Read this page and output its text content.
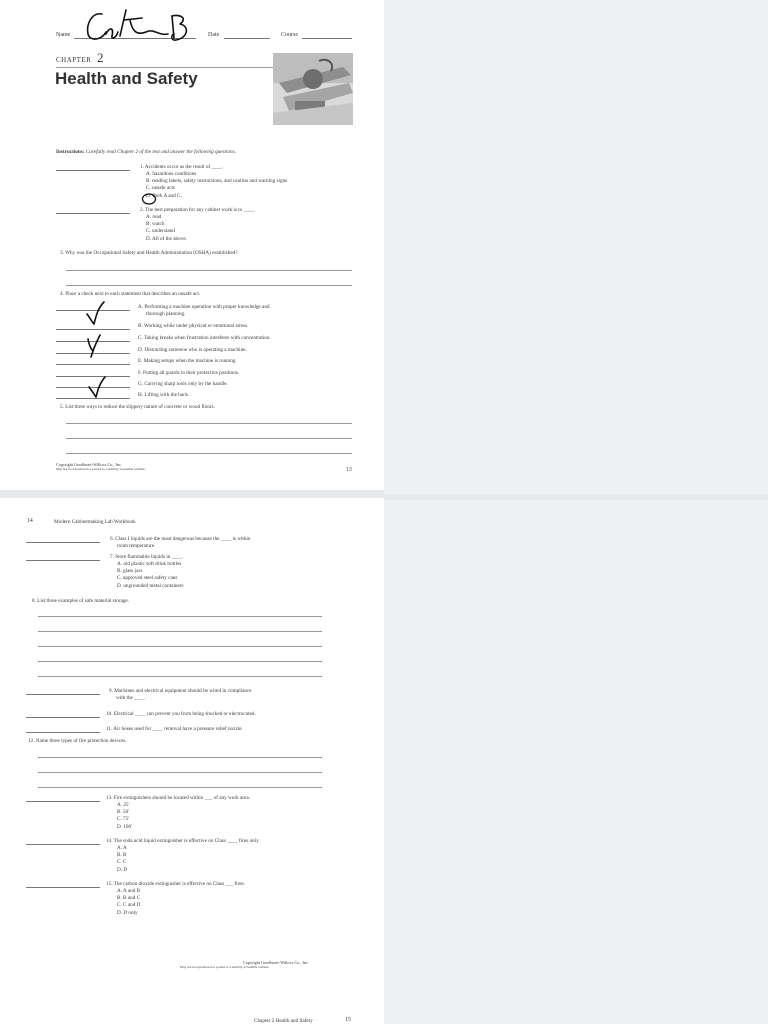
Name	Date	Course
CHAPTER 2
Health and Safety
Instructions: Carefully read Chapter 2 of the text and answer the following questions.
1. Accidents occur as the result of ____.
A. hazardous conditions
B. reading labels, safety instructions, and caution and warning signs
C. unsafe acts
D. Both A and C.
2. The best preparation for any cabinet work is to ____.
A. read
B. watch
C. understand
D. All of the above.
3. Why was the Occupational Safety and Health Administration (OSHA) established?
4. Place a check next to each statement that describes an unsafe act.
A. Performing a machine operation with proper knowledge and
thorough planning.
B. Working while under physical or emotional stress.
C. Taking breaks when frustration interferes with concentration.
D. Distracting someone who is operating a machine.
E. Making setups when the machine is running.
F. Putting all guards in their protective positions.
G. Carrying sharp tools only by the handle.
H. Lifting with the back.
5. List three ways to reduce the slippery nature of concrete or wood floors.
Copyright Goodheart-Willcox Co., Inc.
May not be reproduced or posted to a publicly accessible website.	13
14	Modern Cabinetmaking Lab Workbook
6. Class I liquids are the most dangerous because the ____ is within
room temperature.
7. Store flammable liquids in ____.
A. old plastic soft drink bottles
B. glass jars
C. approved steel safety cans
D. ungrounded metal containers
8. List three examples of safe material storage.
9. Machines and electrical equipment should be wired in compliance
with the ____.
10. Electrical ____ can prevent you from being shocked or electrocuted.
11. Air hoses used for ____ removal have a pressure relief nozzle.
12. Name three types of fire protection devices.
13. Fire extinguishers should be located within ___ of any work area.
A. 25'
B. 50'
C. 75'
D. 100'
14. The soda acid liquid extinguisher is effective on Class ____ fires only.
A. A
B. B
C. C
D. D
15. The carbon dioxide extinguisher is effective on Class ___ fires.
A. A and B
B. B and C
C. C and D
D. D only
Copyright Goodheart-Willcox Co., Inc.
May not be reproduced or posted to a publicly accessible website.
Chapter 2 Health and Safety	15
